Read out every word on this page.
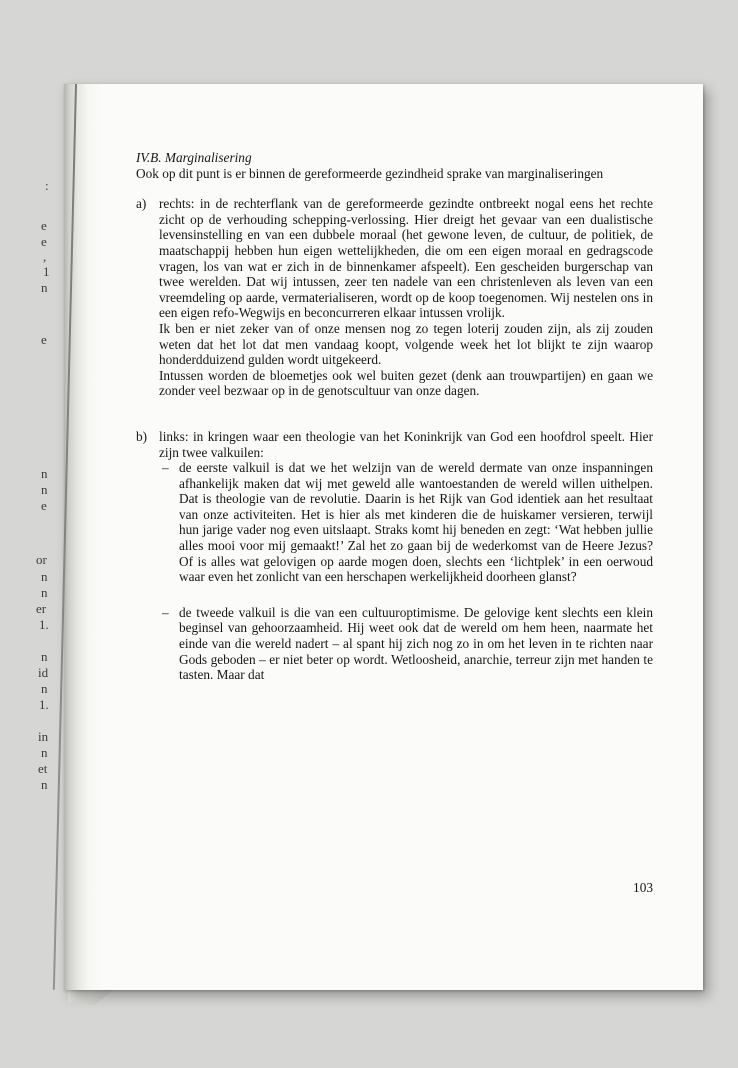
:
e
e
,
1
n
e
n
n
e
or
n
n
er
1.
n
id
n
1.
in
n
et
n
IV.B. Marginalisering

Ook op dit punt is er binnen de gereformeerde gezindheid sprake van marginaliseringen

a) rechts: in de rechterflank van de gereformeerde gezindte ontbreekt nogal eens het rechte zicht op de verhouding schepping-verlossing. Hier dreigt het gevaar van een dualistische levensinstelling en van een dubbele moraal (het gewone leven, de cultuur, de politiek, de maatschappij hebben hun eigen wettelijkheden, die om een eigen moraal en gedragscode vragen, los van wat er zich in de binnenkamer afspeelt). Een gescheiden burgerschap van twee werelden. Dat wij intussen, zeer ten nadele van een christenleven als leven van een vreemdeling op aarde, vermaterialiseren, wordt op de koop toegenomen. Wij nestelen ons in een eigen refo-Wegwijs en beconcurreren elkaar intussen vrolijk.

Ik ben er niet zeker van of onze mensen nog zo tegen loterij zouden zijn, als zij zouden weten dat het lot dat men vandaag koopt, volgende week het lot blijkt te zijn waarop honderdduizend gulden wordt uitgekeerd.

Intussen worden de bloemetjes ook wel buiten gezet (denk aan trouwpartijen) en gaan we zonder veel bezwaar op in de genotscultuur van onze dagen.

b) links: in kringen waar een theologie van het Koninkrijk van God een hoofdrol speelt. Hier zijn twee valkuilen:

– de eerste valkuil is dat we het welzijn van de wereld dermate van onze inspanningen afhankelijk maken dat wij met geweld alle wantoestanden de wereld willen uithelpen. Dat is theologie van de revolutie. Daarin is het Rijk van God identiek aan het resultaat van onze activiteiten. Het is hier als met kinderen die de huiskamer versieren, terwijl hun jarige vader nog even uitslaapt. Straks komt hij beneden en zegt: ‘Wat hebben jullie alles mooi voor mij gemaakt!’ Zal het zo gaan bij de wederkomst van de Heere Jezus? Of is alles wat gelovigen op aarde mogen doen, slechts een ‘lichtplek’ in een oerwoud waar even het zonlicht van een herschapen werkelijkheid doorheen glanst?

– de tweede valkuil is die van een cultuuroptimisme. De gelovige kent slechts een klein beginsel van gehoorzaamheid. Hij weet ook dat de wereld om hem heen, naarmate het einde van die wereld nadert – al spant hij zich nog zo in om het leven in te richten naar Gods geboden – er niet beter op wordt. Wetloosheid, anarchie, terreur zijn met handen te tasten. Maar dat

103
